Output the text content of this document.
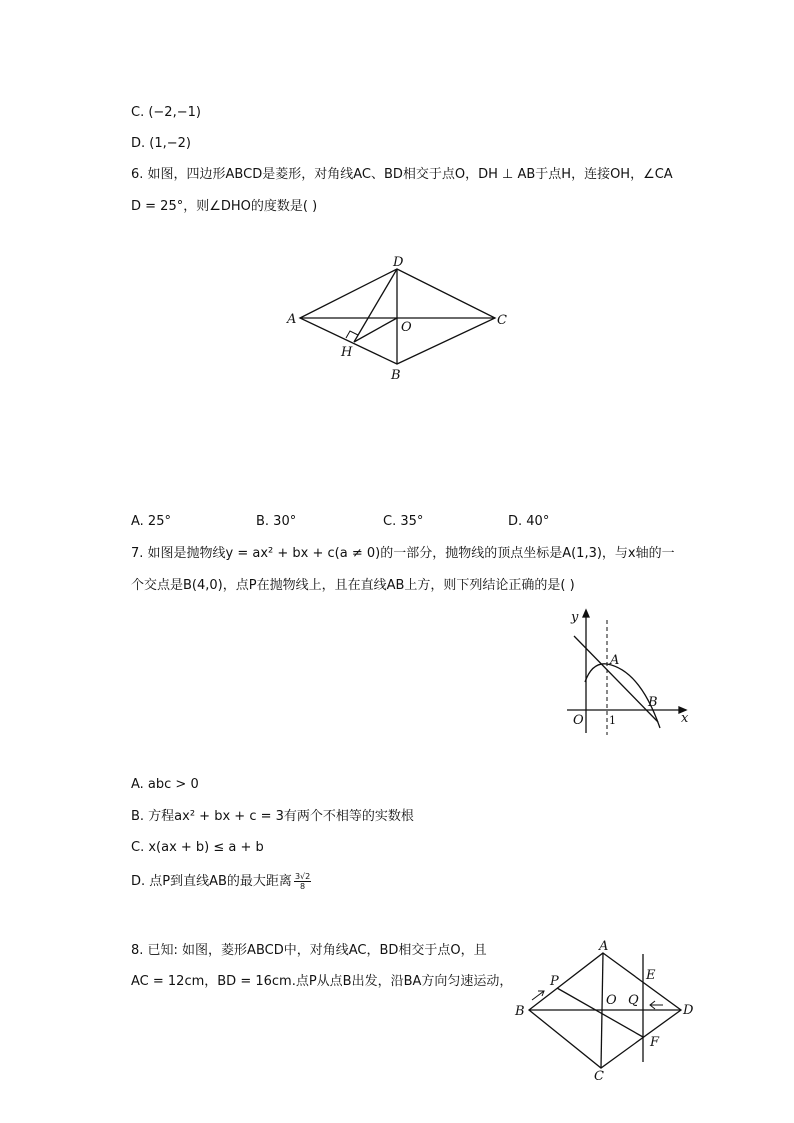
C. (−2,−1)
D. (1,−2)
6. 如图，四边形ABCD是菱形，对角线AC、BD相交于点O，DH ⊥ AB于点H，连接OH，∠CA
D = 25°，则∠DHO的度数是( )
D
A	C
O
H
B
A. 25°	B. 30°	C. 35°	D. 40°
7. 如图是抛物线y = ax² + bx + c(a ≠ 0)的一部分，抛物线的顶点坐标是A(1,3)，与x轴的一
个交点是B(4,0)，点P在抛物线上，且在直线AB上方，则下列结论正确的是( )
y
x
O 1
A
B
A. abc > 0
B. 方程ax² + bx + c = 3有两个不相等的实数根
C. x(ax + b) ≤ a + b
D. 点P到直线AB的最大距离 $\frac{3√2}{8}$
8. 已知: 如图，菱形ABCD中，对角线AC，BD相交于点O，且
AC = 12cm，BD = 16cm.点P从点B出发，沿BA方向匀速运动，
A
B	D
C
O
P
Q
E
F
